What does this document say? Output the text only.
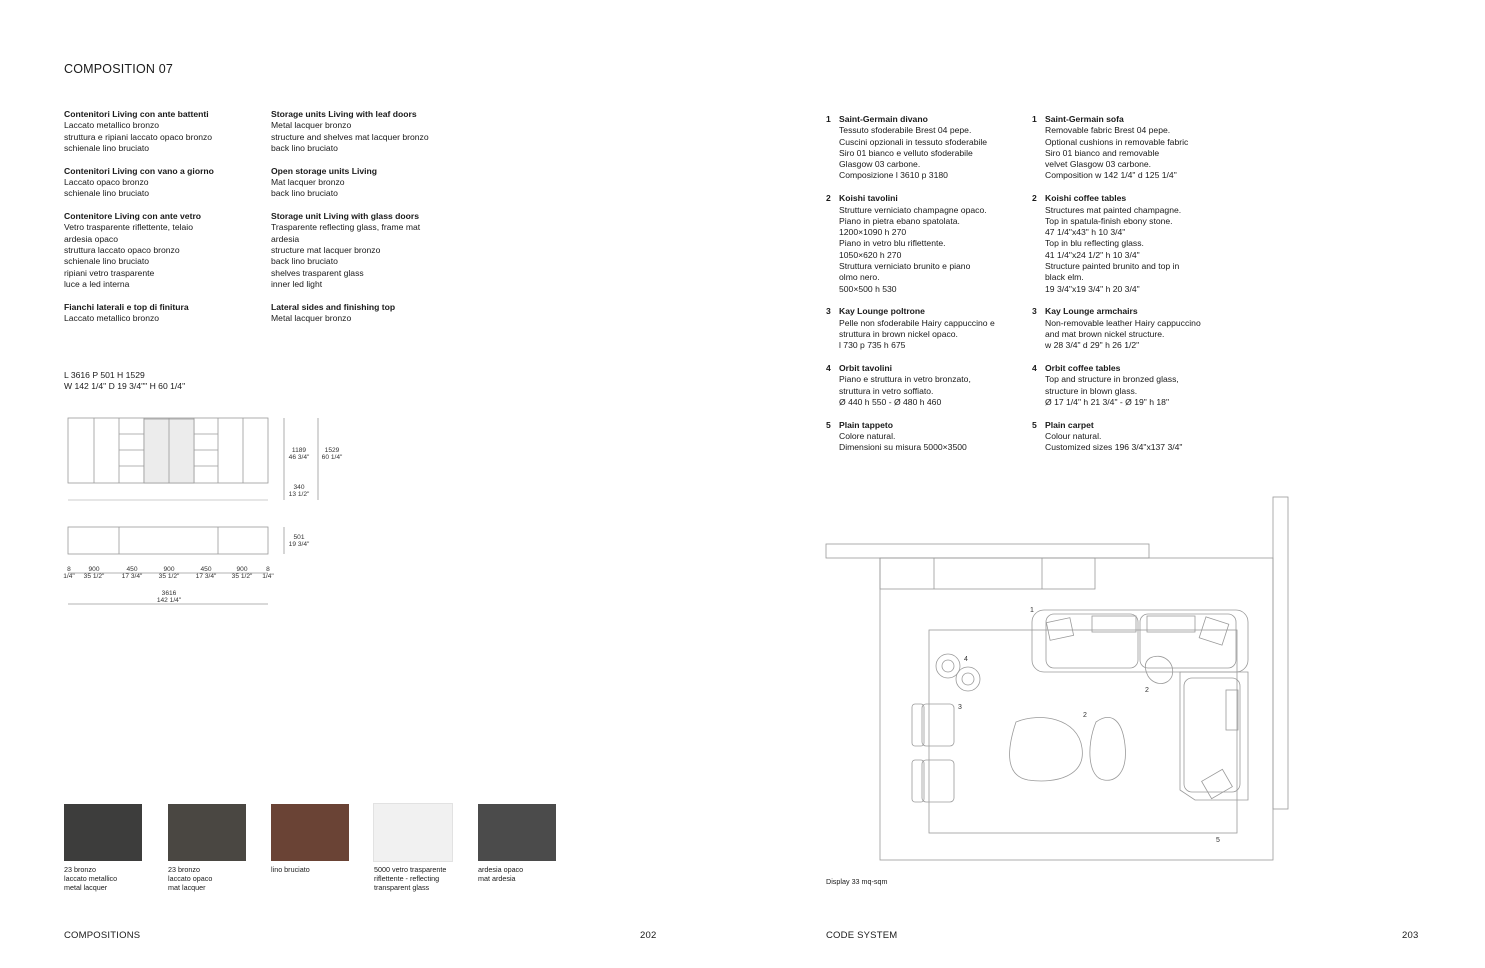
COMPOSITION 07
Contenitori Living con ante battenti
Laccato metallico bronzo
struttura e ripiani laccato opaco bronzo
schienale lino bruciato
Contenitori Living con vano a giorno
Laccato opaco bronzo
schienale lino bruciato
Contenitore Living con ante vetro
Vetro trasparente riflettente, telaio
ardesia opaco
struttura laccato opaco bronzo
schienale lino bruciato
ripiani vetro trasparente
luce a led interna
Fianchi laterali e top di finitura
Laccato metallico bronzo
Storage units Living with leaf doors
Metal lacquer bronzo
structure and shelves mat lacquer bronzo
back lino bruciato
Open storage units Living
Mat lacquer bronzo
back lino bruciato
Storage unit Living with glass doors
Trasparente reflecting glass, frame mat
ardesia
structure mat lacquer bronzo
back lino bruciato
shelves trasparent glass
inner led light
Lateral sides and finishing top
Metal lacquer bronzo
L 3616 P 501 H 1529
W 142 1/4" D 19 3/4"" H 60 1/4"
1189
46 3/4"
1529
60 1/4"
340
13 1/2"
501
19 3/4"
8
1/4"
900
35 1/2"
450
17 3/4"
900
35 1/2"
450
17 3/4"
900
35 1/2"
8
1/4"
3616
142 1/4"
23 bronzo
laccato metallico
metal lacquer
23 bronzo
laccato opaco
mat lacquer
lino bruciato	5000 vetro trasparente
riflettente - reflecting
transparent glass
ardesia opaco
mat ardesia
COMPOSITIONS	202
1 Saint-Germain divano
Tessuto sfoderabile Brest 04 pepe.
Cuscini opzionali in tessuto sfoderabile
Siro 01 bianco e velluto sfoderabile
Glasgow 03 carbone.
Composizione l 3610 p 3180
2 Koishi tavolini
Strutture verniciato champagne opaco.
Piano in pietra ebano spatolata.
1200×1090 h 270
Piano in vetro blu riflettente.
1050×620 h 270
Struttura verniciato brunito e piano
olmo nero.
500×500 h 530
3 Kay Lounge poltrone
Pelle non sfoderabile Hairy cappuccino e
struttura in brown nickel opaco.
l 730 p 735 h 675
4 Orbit tavolini
Piano e struttura in vetro bronzato,
struttura in vetro soffiato.
Ø 440 h 550 - Ø 480 h 460
5 Plain tappeto
Colore natural.
Dimensioni su misura 5000×3500
1 Saint-Germain sofa
Removable fabric Brest 04 pepe.
Optional cushions in removable fabric
Siro 01 bianco and removable
velvet Glasgow 03 carbone.
Composition w 142 1/4" d 125 1/4"
2 Koishi coffee tables
Structures mat painted champagne.
Top in spatula-finish ebony stone.
47 1/4"x43" h 10 3/4"
Top in blu reflecting glass.
41 1/4"x24 1/2" h 10 3/4"
Structure painted brunito and top in
black elm.
19 3/4"x19 3/4" h 20 3/4"
3 Kay Lounge armchairs
Non-removable leather Hairy cappuccino
and mat brown nickel structure.
w 28 3/4" d 29" h 26 1/2"
4 Orbit coffee tables
Top and structure in bronzed glass,
structure in blown glass.
Ø 17 1/4" h 21 3/4" - Ø 19" h 18"
5 Plain carpet
Colour natural.
Customized sizes 196 3/4"x137 3/4"
1
4
2
2
3
5
Display 33 mq-sqm
CODE SYSTEM	203
